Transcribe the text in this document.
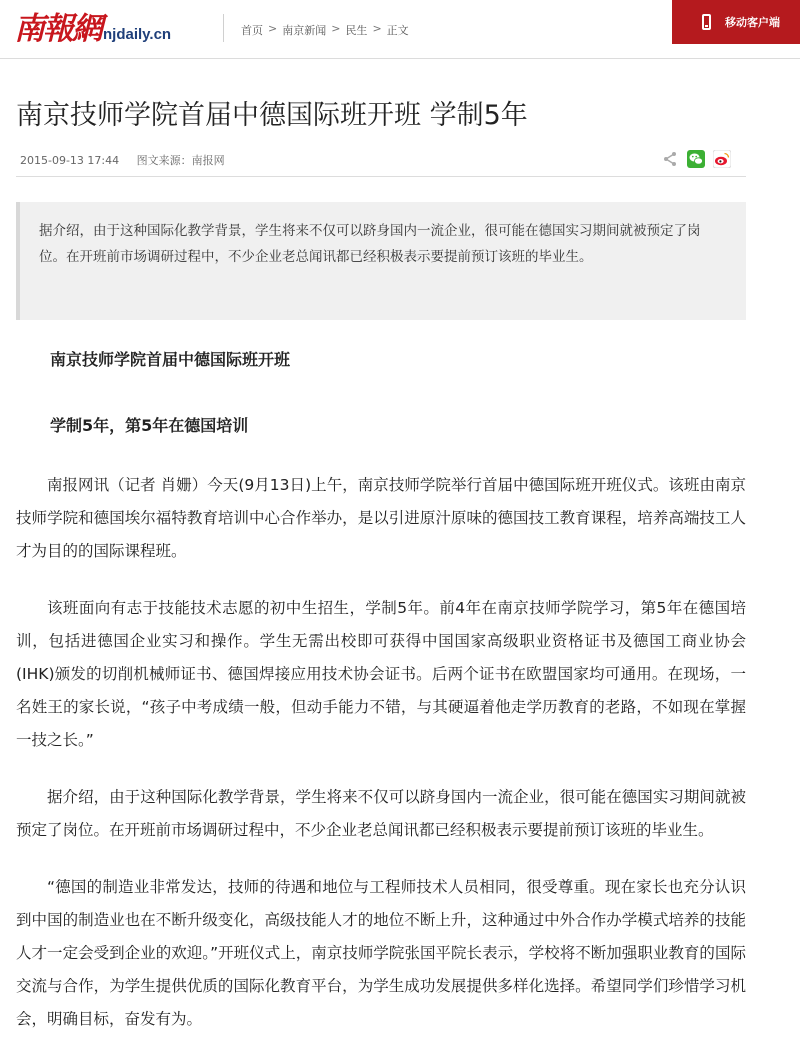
南報網 njdaily.cn	首页 > 南京新闻 > 民生 > 正文
移动客户端
南京技师学院首届中德国际班开班 学制5年
2015-09-13 17:44 图文来源：南报网
据介绍，由于这种国际化教学背景，学生将来不仅可以跻身国内一流企业，很可能在德国实习期间就被预定了岗位。在开班前市场调研过程中，不少企业老总闻讯都已经积极表示要提前预订该班的毕业生。

南京技师学院首届中德国际班开班

学制5年，第5年在德国培训

南报网讯（记者 肖姗）今天(9月13日)上午，南京技师学院举行首届中德国际班开班仪式。该班由南京技师学院和德国埃尔福特教育培训中心合作举办，是以引进原汁原味的德国技工教育课程，培养高端技工人才为目的的国际课程班。

该班面向有志于技能技术志愿的初中生招生，学制5年。前4年在南京技师学院学习，第5年在德国培训，包括进德国企业实习和操作。学生无需出校即可获得中国国家高级职业资格证书及德国工商业协会(IHK)颁发的切削机械师证书、德国焊接应用技术协会证书。后两个证书在欧盟国家均可通用。在现场，一名姓王的家长说，“孩子中考成绩一般，但动手能力不错，与其硬逼着他走学历教育的老路，不如现在掌握一技之长。”

据介绍，由于这种国际化教学背景，学生将来不仅可以跻身国内一流企业，很可能在德国实习期间就被预定了岗位。在开班前市场调研过程中，不少企业老总闻讯都已经积极表示要提前预订该班的毕业生。

“德国的制造业非常发达，技师的待遇和地位与工程师技术人员相同，很受尊重。现在家长也充分认识到中国的制造业也在不断升级变化，高级技能人才的地位不断上升，这种通过中外合作办学模式培养的技能人才一定会受到企业的欢迎。”开班仪式上，南京技师学院张国平院长表示，学校将不断加强职业教育的国际交流与合作，为学生提供优质的国际化教育平台，为学生成功发展提供多样化选择。希望同学们珍惜学习机会，明确目标，奋发有为。
